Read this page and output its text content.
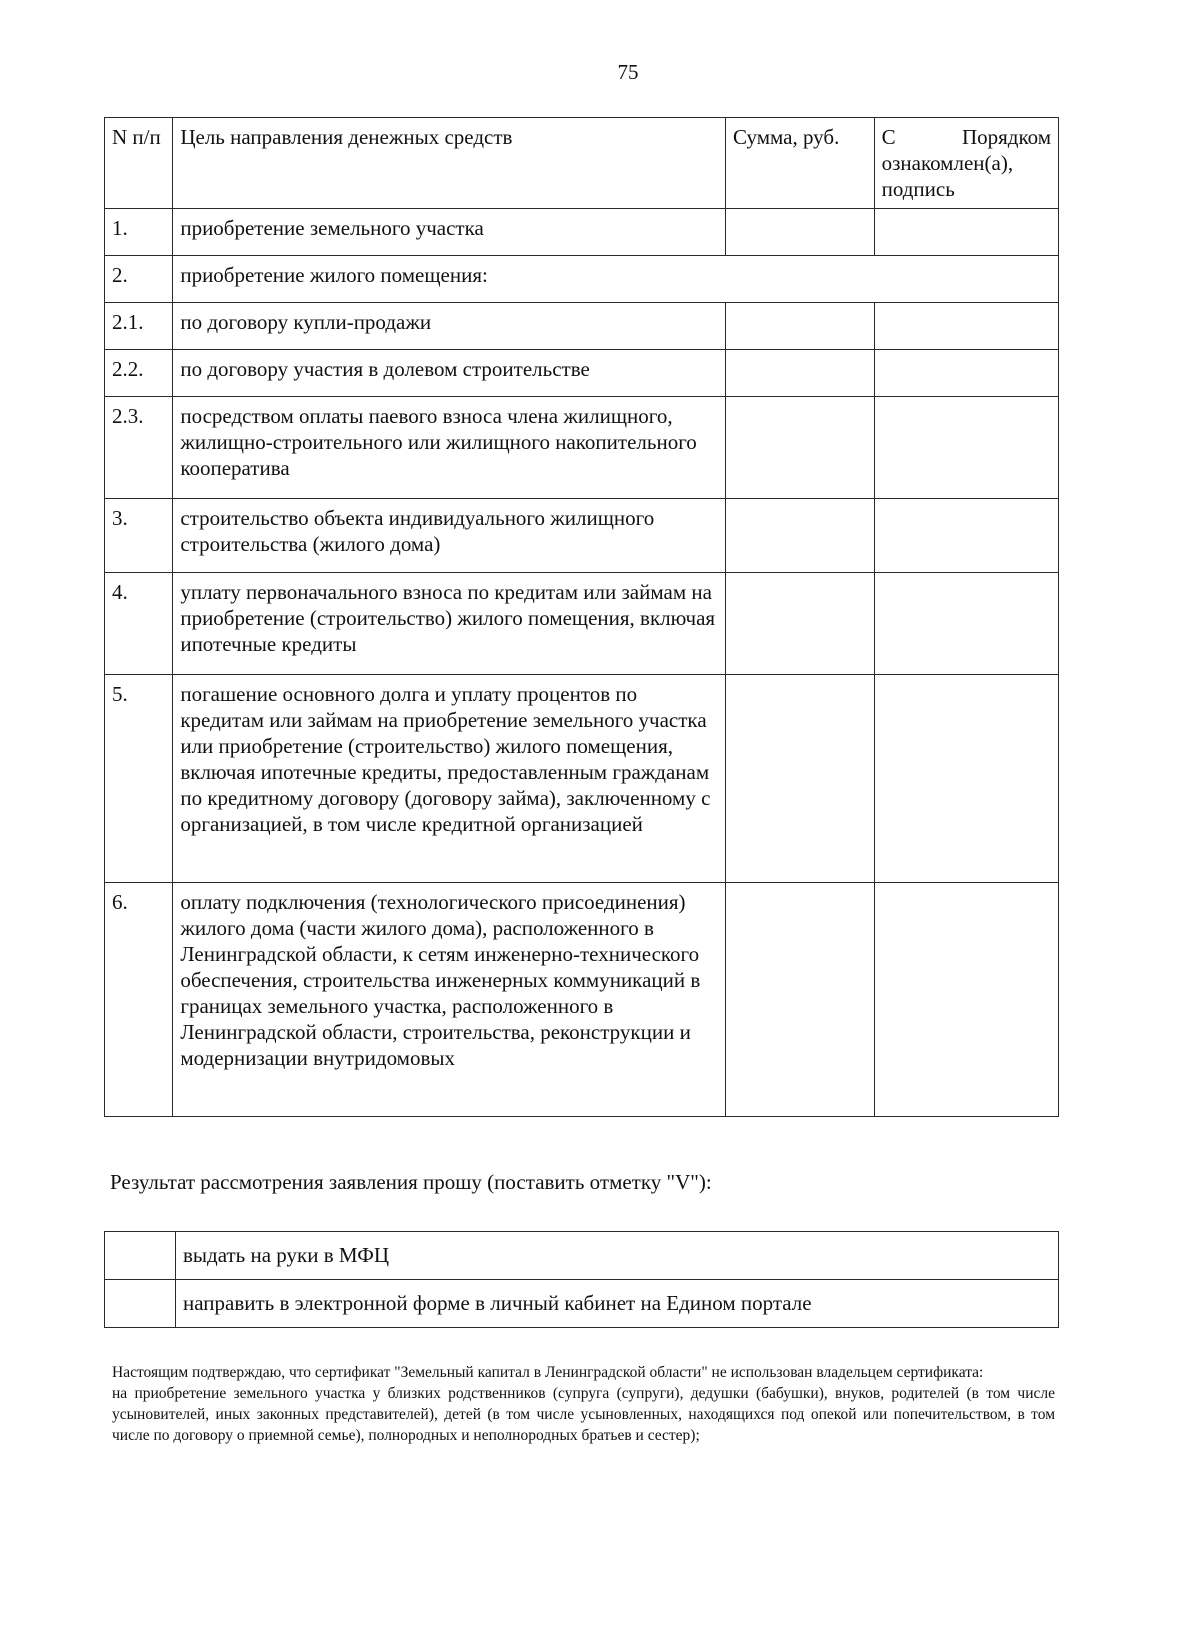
75
N п/п	Цель направления денежных средств	Сумма, руб.	С Порядком
ознакомлен(а),
подпись

1.	приобретение земельного участка		
2.	приобретение жилого помещения:		
2.1.	по договору купли-продажи		
2.2.	по договору участия в долевом строительстве		
2.3.	посредством оплаты паевого взноса члена жилищного, жилищно-строительного или жилищного накопительного кооператива		
3.	строительство объекта индивидуального жилищного строительства (жилого дома)		
4.	уплату первоначального взноса по кредитам или займам на приобретение (строительство) жилого помещения, включая ипотечные кредиты		
5.	погашение основного долга и уплату процентов по кредитам или займам на приобретение земельного участка или приобретение (строительство) жилого помещения, включая ипотечные кредиты, предоставленным гражданам по кредитному договору (договору займа), заключенному с организацией, в том числе кредитной организацией		
6.	оплату подключения (технологического присоединения) жилого дома (части жилого дома), расположенного в Ленинградской области, к сетям инженерно-технического обеспечения, строительства инженерных коммуникаций в границах земельного участка, расположенного в Ленинградской области, строительства, реконструкции и модернизации внутридомовых		
Результат рассмотрения заявления прошу (поставить отметку "V"):
	выдать на руки в МФЦ
	направить в электронной форме в личный кабинет на Едином портале

Настоящим подтверждаю, что сертификат "Земельный капитал в Ленинградской области" не использован владельцем сертификата:

на приобретение земельного участка у близких родственников (супруга (супруги), дедушки (бабушки), внуков, родителей (в том числе усыновителей, иных законных представителей), детей (в том числе усыновленных, находящихся под опекой или попечительством, в том числе по договору о приемной семье), полнородных и неполнородных братьев и сестер);
